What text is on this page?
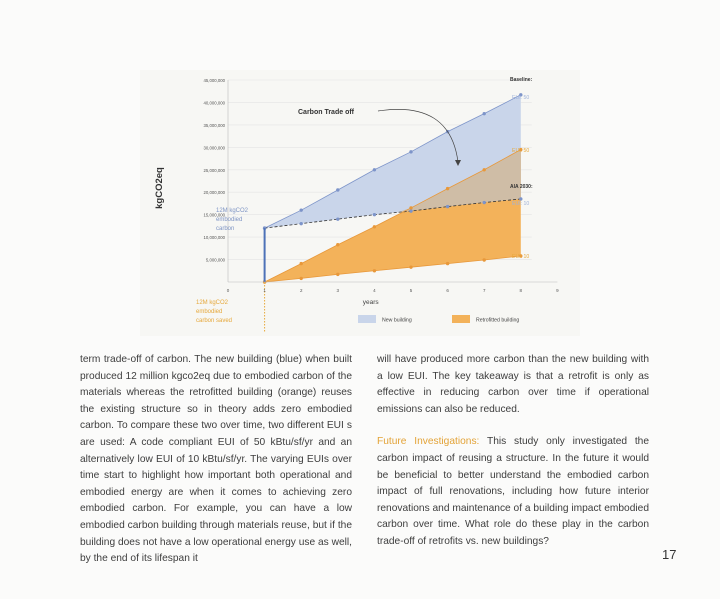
45,000,000
40,000,000
35,000,000
30,000,000
25,000,000
20,000,000
15,000,000
10,000,000
5,000,000
0	1	2	3	4	5	6	7	8	9
kgCO2eq
years
Carbon Trade off
12M kgCO2
embodied
carbon
12M kgCO2
embodied
carbon saved
Baseline:
AIA 2030:
EUI: 50
EUI: 50
EUI: 10
EUI: 10
New building	Retrofitted building

term trade-off of carbon. The new building (blue) when built produced 12 million kgco2eq due to embodied carbon of the materials whereas the retrofitted building (orange) reuses the existing structure so in theory adds zero embodied carbon. To compare these two over time, two different EUI s are used: A code compliant EUI of 50 kBtu/sf/yr and an alternatively low EUI of 10 kBtu/sf/yr. The varying EUIs over time start to highlight how important both operational and embodied energy are when it comes to achieving zero embodied carbon. For example, you can have a low embodied carbon building through materials reuse, but if the building does not have a low operational energy use as well, by the end of its lifespan it

will have produced more carbon than the new building with a low EUI. The key takeaway is that a retrofit is only as effective in reducing carbon over time if operational emissions can also be reduced.

Future Investigations: This study only investigated the carbon impact of reusing a structure. In the future it would be beneficial to better understand the embodied carbon impact of full renovations, including how future interior renovations and maintenance of a building impact embodied carbon over time. What role do these play in the carbon trade-off of retrofits vs. new buildings?

17
